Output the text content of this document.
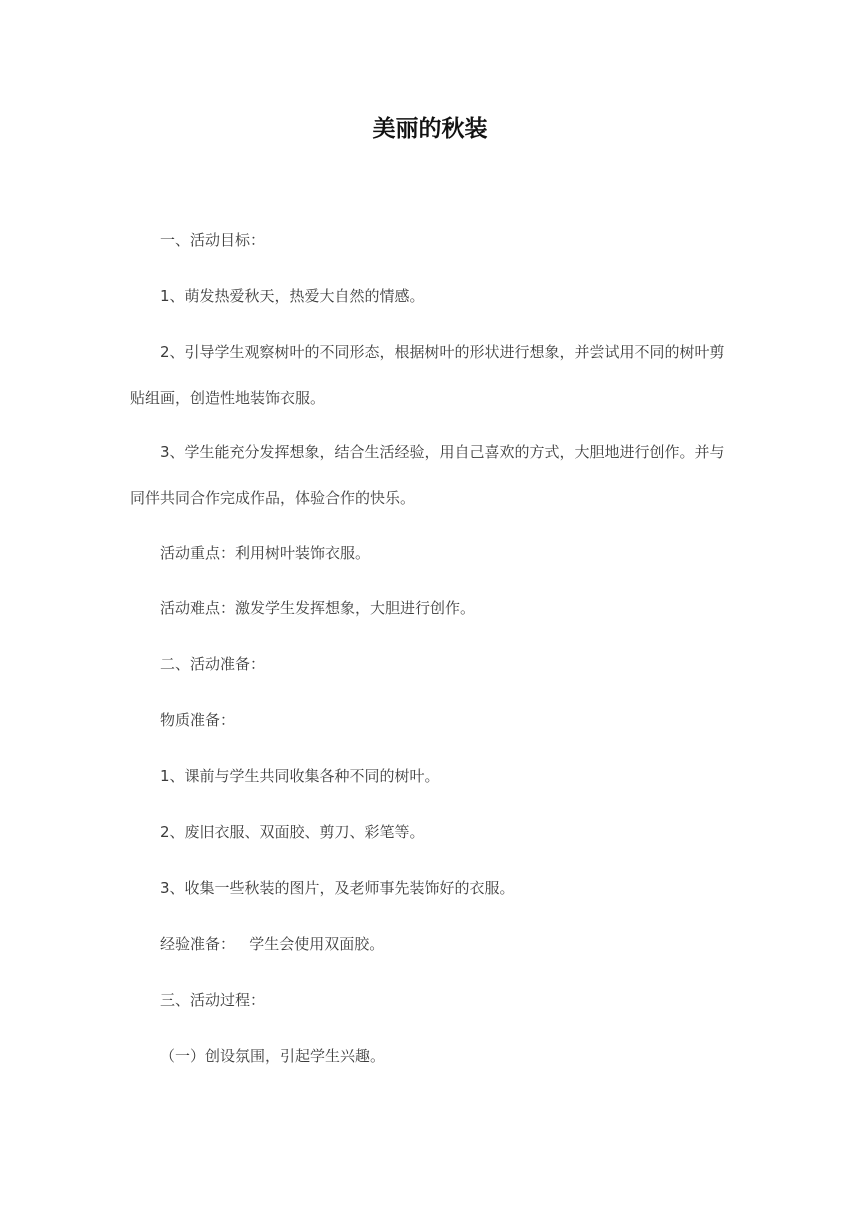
美丽的秋装
一、活动目标：
1、萌发热爱秋天，热爱大自然的情感。
2、引导学生观察树叶的不同形态，根据树叶的形状进行想象，并尝试用不同的树叶剪贴组画，创造性地装饰衣服。
3、学生能充分发挥想象，结合生活经验，用自己喜欢的方式，大胆地进行创作。并与同伴共同合作完成作品，体验合作的快乐。
活动重点：利用树叶装饰衣服。
活动难点：激发学生发挥想象，大胆进行创作。
二、活动准备：
物质准备：
1、课前与学生共同收集各种不同的树叶。
2、废旧衣服、双面胶、剪刀、彩笔等。
3、收集一些秋装的图片，及老师事先装饰好的衣服。
经验准备：   学生会使用双面胶。
三、活动过程：
（一）创设氛围，引起学生兴趣。
